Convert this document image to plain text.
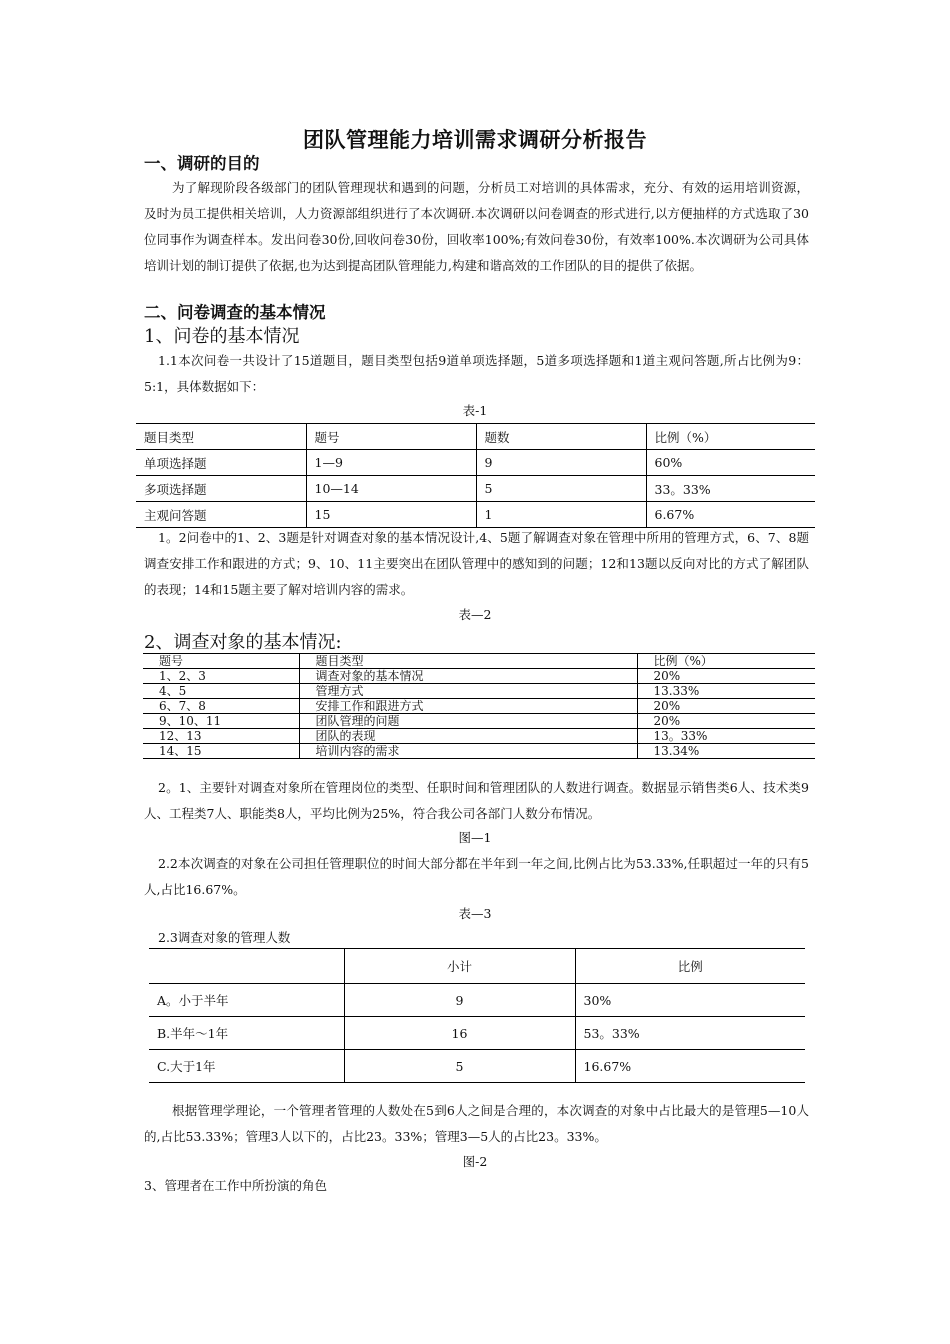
团队管理能力培训需求调研分析报告
一、调研的目的
为了解现阶段各级部门的团队管理现状和遇到的问题，分析员工对培训的具体需求，充分、有效的运用培训资源，及时为员工提供相关培训，人力资源部组织进行了本次调研.本次调研以问卷调查的形式进行,以方便抽样的方式选取了30位同事作为调查样本。发出问卷30份,回收问卷30份，回收率100%;有效问卷30份，有效率100%.本次调研为公司具体培训计划的制订提供了依据,也为达到提高团队管理能力,构建和谐高效的工作团队的目的提供了依据。
二、问卷调查的基本情况
1、问卷的基本情况
1.1本次问卷一共设计了15道题目，题目类型包括9道单项选择题，5道多项选择题和1道主观问答题,所占比例为9：5:1，具体数据如下：
表-1
题目类型	题号	题数	比例（%）
单项选择题	1—9	9	60%
多项选择题	10—14	5	33。33%
主观问答题	15	1	6.67%
1。2问卷中的1、2、3题是针对调查对象的基本情况设计,4、5题了解调查对象在管理中所用的管理方式，6、7、8题调查安排工作和跟进的方式；9、10、11主要突出在团队管理中的感知到的问题；12和13题以反向对比的方式了解团队的表现；14和15题主要了解对培训内容的需求。
表—2
2、调查对象的基本情况:
题号	题目类型	比例（%）
1、2、3	调查对象的基本情况	20%
4、5	管理方式	13.33%
6、7、8	安排工作和跟进方式	20%
9、10、11	团队管理的问题	20%
12、13	团队的表现	13。33%
14、15	培训内容的需求	13.34%
2。1、主要针对调查对象所在管理岗位的类型、任职时间和管理团队的人数进行调查。数据显示销售类6人、技术类9人、工程类7人、职能类8人，平均比例为25%，符合我公司各部门人数分布情况。
图—1
2.2本次调查的对象在公司担任管理职位的时间大部分都在半年到一年之间,比例占比为53.33%,任职超过一年的只有5人,占比16.67%。
表—3
2.3调查对象的管理人数
	小计	比例
A。小于半年	9	30%
B.半年～1年	16	53。33%
C.大于1年	5	16.67%
根据管理学理论，一个管理者管理的人数处在5到6人之间是合理的，本次调查的对象中占比最大的是管理5—10人的,占比53.33%；管理3人以下的，占比23。33%；管理3—5人的占比23。33%。
图-2
3、管理者在工作中所扮演的角色
